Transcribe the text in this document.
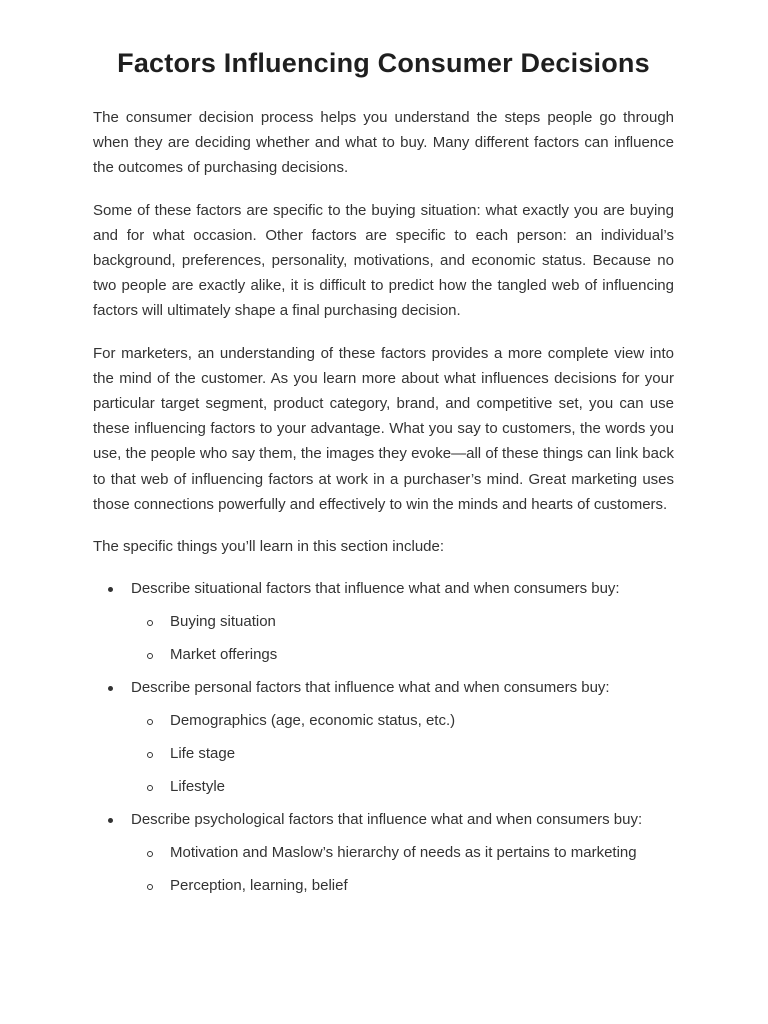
Factors Influencing Consumer Decisions

The consumer decision process helps you understand the steps people go through when they are deciding whether and what to buy. Many different factors can influence the outcomes of purchasing decisions.

Some of these factors are specific to the buying situation: what exactly you are buying and for what occasion. Other factors are specific to each person: an individual’s background, preferences, personality, motivations, and economic status. Because no two people are exactly alike, it is difficult to predict how the tangled web of influencing factors will ultimately shape a final purchasing decision.

For marketers, an understanding of these factors provides a more complete view into the mind of the customer. As you learn more about what influences decisions for your particular target segment, product category, brand, and competitive set, you can use these influencing factors to your advantage. What you say to customers, the words you use, the people who say them, the images they evoke—all of these things can link back to that web of influencing factors at work in a purchaser’s mind. Great marketing uses those connections powerfully and effectively to win the minds and hearts of customers.

The specific things you’ll learn in this section include:

Describe situational factors that influence what and when consumers buy:
Buying situation
Market offerings
Describe personal factors that influence what and when consumers buy:
Demographics (age, economic status, etc.)
Life stage
Lifestyle
Describe psychological factors that influence what and when consumers buy:
Motivation and Maslow’s hierarchy of needs as it pertains to marketing
Perception, learning, belief
